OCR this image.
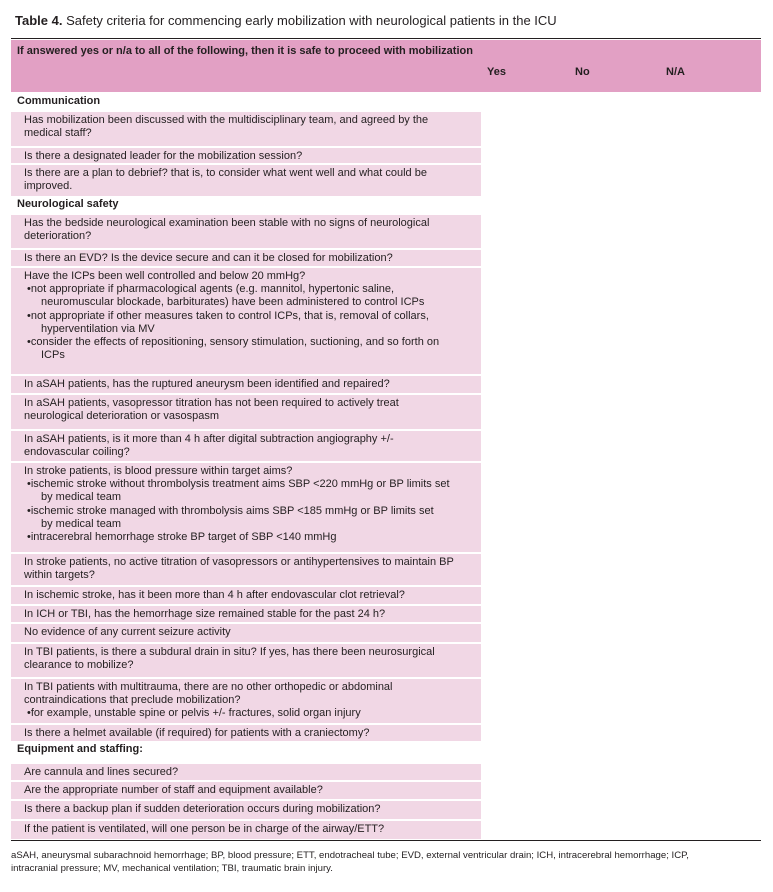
Table 4. Safety criteria for commencing early mobilization with neurological patients in the ICU
If answered yes or n/a to all of the following, then it is safe to proceed with mobilization
Yes	No	N/A
Communication
Has mobilization been discussed with the multidisciplinary team, and agreed by the
medical staff?
Is there a designated leader for the mobilization session?
Is there are a plan to debrief? that is, to consider what went well and what could be
improved.
Neurological safety
Has the bedside neurological examination been stable with no signs of neurological
deterioration?
Is there an EVD? Is the device secure and can it be closed for mobilization?
Have the ICPs been well controlled and below 20 mmHg?
•not appropriate if pharmacological agents (e.g. mannitol, hypertonic saline,
neuromuscular blockade, barbiturates) have been administered to control ICPs
•not appropriate if other measures taken to control ICPs, that is, removal of collars,
hyperventilation via MV
•consider the effects of repositioning, sensory stimulation, suctioning, and so forth on
ICPs
In aSAH patients, has the ruptured aneurysm been identified and repaired?
In aSAH patients, vasopressor titration has not been required to actively treat
neurological deterioration or vasospasm
In aSAH patients, is it more than 4 h after digital subtraction angiography +/-
endovascular coiling?
In stroke patients, is blood pressure within target aims?
•ischemic stroke without thrombolysis treatment aims SBP <220 mmHg or BP limits set
by medical team
•ischemic stroke managed with thrombolysis aims SBP <185 mmHg or BP limits set
by medical team
•intracerebral hemorrhage stroke BP target of SBP <140 mmHg
In stroke patients, no active titration of vasopressors or antihypertensives to maintain BP
within targets?
In ischemic stroke, has it been more than 4 h after endovascular clot retrieval?
In ICH or TBI, has the hemorrhage size remained stable for the past 24 h?
No evidence of any current seizure activity
In TBI patients, is there a subdural drain in situ? If yes, has there been neurosurgical
clearance to mobilize?
In TBI patients with multitrauma, there are no other orthopedic or abdominal
contraindications that preclude mobilization?
•for example, unstable spine or pelvis +/- fractures, solid organ injury
Is there a helmet available (if required) for patients with a craniectomy?
Equipment and staffing:
Are cannula and lines secured?
Are the appropriate number of staff and equipment available?
Is there a backup plan if sudden deterioration occurs during mobilization?
If the patient is ventilated, will one person be in charge of the airway/ETT?
aSAH, aneurysmal subarachnoid hemorrhage; BP, blood pressure; ETT, endotracheal tube; EVD, external ventricular drain; ICH, intracerebral hemorrhage; ICP,
intracranial pressure; MV, mechanical ventilation; TBI, traumatic brain injury.
